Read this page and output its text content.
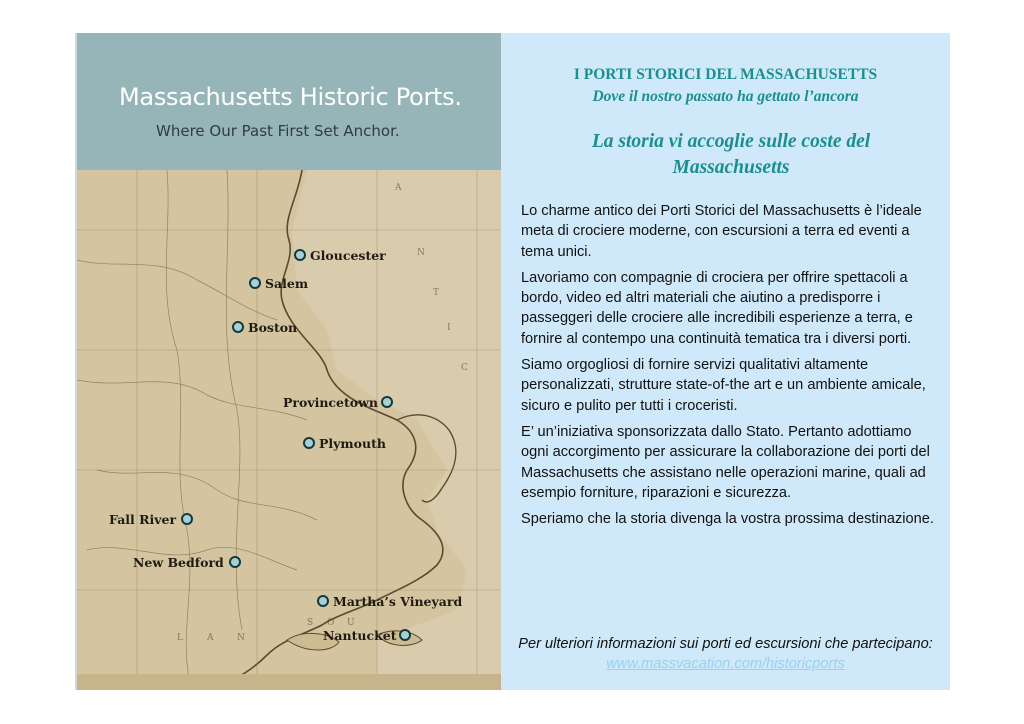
Massachusetts Historic Ports.
Where Our Past First Set Anchor.
A
N
T
I
C
S O U
L	A	N
Gloucester
Salem
Boston
Provincetown
Plymouth
Fall River
New Bedford
Martha’s Vineyard
Nantucket
I PORTI STORICI DEL MASSACHUSETTS
Dove il nostro passato ha gettato l’ancora
La storia vi accoglie sulle coste del Massachusetts

Lo charme antico dei Porti Storici del Massachusetts è l’ideale meta di crociere moderne, con escursioni a terra ed eventi a tema unici.

Lavoriamo con compagnie di crociera per offrire spettacoli a bordo, video ed altri materiali che aiutino a predisporre i passeggeri delle crociere alle incredibili esperienze a terra, e fornire al contempo una continuità tematica tra i diversi porti.

Siamo orgogliosi di fornire servizi qualitativi altamente personalizzati, strutture state-of-the art e un ambiente amicale, sicuro e pulito per tutti i croceristi.

E’ un’iniziativa sponsorizzata dallo Stato. Pertanto adottiamo ogni accorgimento per assicurare la collaborazione dei porti del Massachusetts che assistano nelle operazioni marine, quali ad esempio forniture, riparazioni e sicurezza.

Speriamo che la storia divenga la vostra prossima destinazione.

Per ulteriori informazioni sui porti ed escursioni che partecipano:
www.massvacation.com/historicports
